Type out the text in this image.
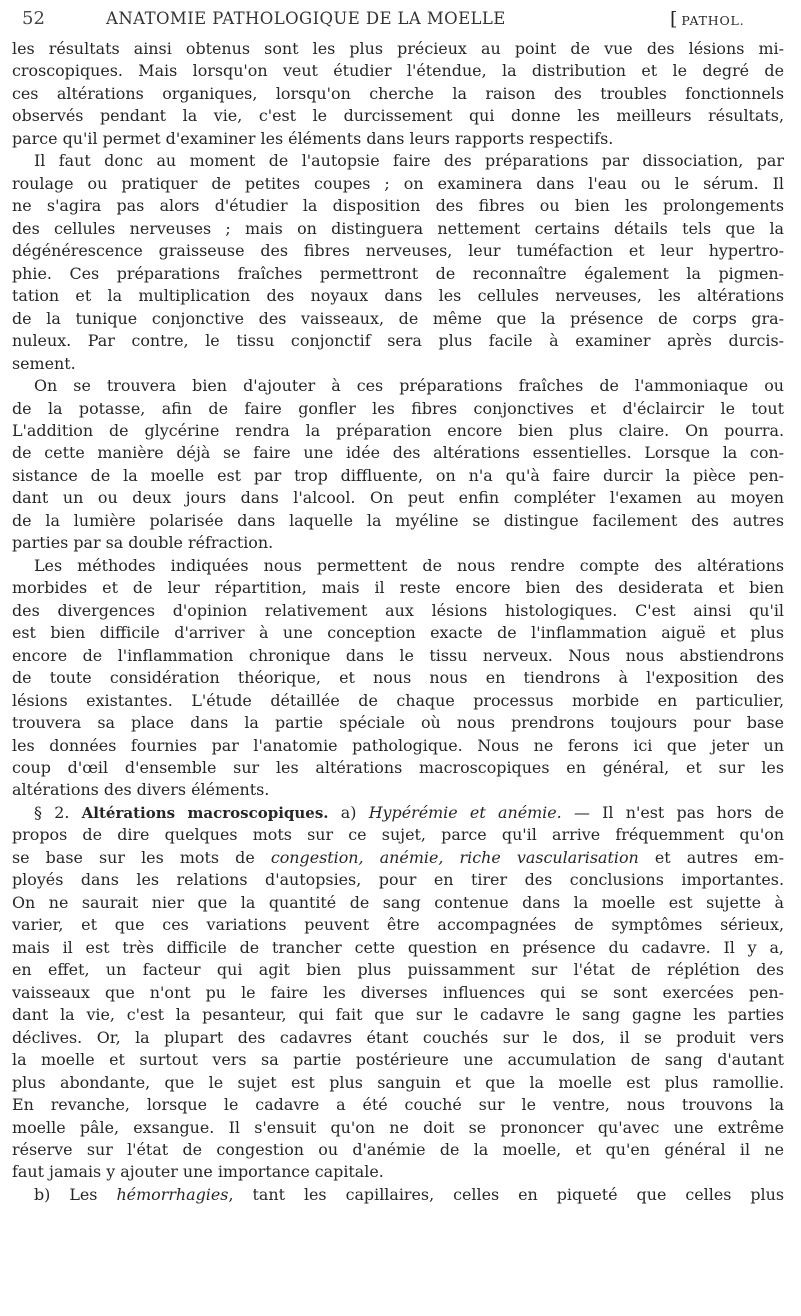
52	ANATOMIE PATHOLOGIQUE DE LA MOELLE	[ PATHOL.
les résultats ainsi obtenus sont les plus précieux au point de vue des lésions mi-
croscopiques. Mais lorsqu'on veut étudier l'étendue, la distribution et le degré de
ces altérations organiques, lorsqu'on cherche la raison des troubles fonctionnels
observés pendant la vie, c'est le durcissement qui donne les meilleurs résultats,
parce qu'il permet d'examiner les éléments dans leurs rapports respectifs.
Il faut donc au moment de l'autopsie faire des préparations par dissociation, par
roulage ou pratiquer de petites coupes ; on examinera dans l'eau ou le sérum. Il
ne s'agira pas alors d'étudier la disposition des fibres ou bien les prolongements
des cellules nerveuses ; mais on distinguera nettement certains détails tels que la
dégénérescence graisseuse des fibres nerveuses, leur tuméfaction et leur hypertro-
phie. Ces préparations fraîches permettront de reconnaître également la pigmen-
tation et la multiplication des noyaux dans les cellules nerveuses, les altérations
de la tunique conjonctive des vaisseaux, de même que la présence de corps gra-
nuleux. Par contre, le tissu conjonctif sera plus facile à examiner après durcis-
sement.
On se trouvera bien d'ajouter à ces préparations fraîches de l'ammoniaque ou
de la potasse, afin de faire gonfler les fibres conjonctives et d'éclaircir le tout
L'addition de glycérine rendra la préparation encore bien plus claire. On pourra.
de cette manière déjà se faire une idée des altérations essentielles. Lorsque la con-
sistance de la moelle est par trop diffluente, on n'a qu'à faire durcir la pièce pen-
dant un ou deux jours dans l'alcool. On peut enfin compléter l'examen au moyen
de la lumière polarisée dans laquelle la myéline se distingue facilement des autres
parties par sa double réfraction.
Les méthodes indiquées nous permettent de nous rendre compte des altérations
morbides et de leur répartition, mais il reste encore bien des desiderata et bien
des divergences d'opinion relativement aux lésions histologiques. C'est ainsi qu'il
est bien difficile d'arriver à une conception exacte de l'inflammation aiguë et plus
encore de l'inflammation chronique dans le tissu nerveux. Nous nous abstiendrons
de toute considération théorique, et nous nous en tiendrons à l'exposition des
lésions existantes. L'étude détaillée de chaque processus morbide en particulier,
trouvera sa place dans la partie spéciale où nous prendrons toujours pour base
les données fournies par l'anatomie pathologique. Nous ne ferons ici que jeter un
coup d'œil d'ensemble sur les altérations macroscopiques en général, et sur les
altérations des divers éléments.
§ 2. Altérations macroscopiques. a) Hypérémie et anémie. — Il n'est pas hors de
propos de dire quelques mots sur ce sujet, parce qu'il arrive fréquemment qu'on
se base sur les mots de congestion, anémie, riche vascularisation et autres em-
ployés dans les relations d'autopsies, pour en tirer des conclusions importantes.
On ne saurait nier que la quantité de sang contenue dans la moelle est sujette à
varier, et que ces variations peuvent être accompagnées de symptômes sérieux,
mais il est très difficile de trancher cette question en présence du cadavre. Il y a,
en effet, un facteur qui agit bien plus puissamment sur l'état de réplétion des
vaisseaux que n'ont pu le faire les diverses influences qui se sont exercées pen-
dant la vie, c'est la pesanteur, qui fait que sur le cadavre le sang gagne les parties
déclives. Or, la plupart des cadavres étant couchés sur le dos, il se produit vers
la moelle et surtout vers sa partie postérieure une accumulation de sang d'autant
plus abondante, que le sujet est plus sanguin et que la moelle est plus ramollie.
En revanche, lorsque le cadavre a été couché sur le ventre, nous trouvons la
moelle pâle, exsangue. Il s'ensuit qu'on ne doit se prononcer qu'avec une extrême
réserve sur l'état de congestion ou d'anémie de la moelle, et qu'en général il ne
faut jamais y ajouter une importance capitale.
b) Les hémorrhagies, tant les capillaires, celles en piqueté que celles plus
